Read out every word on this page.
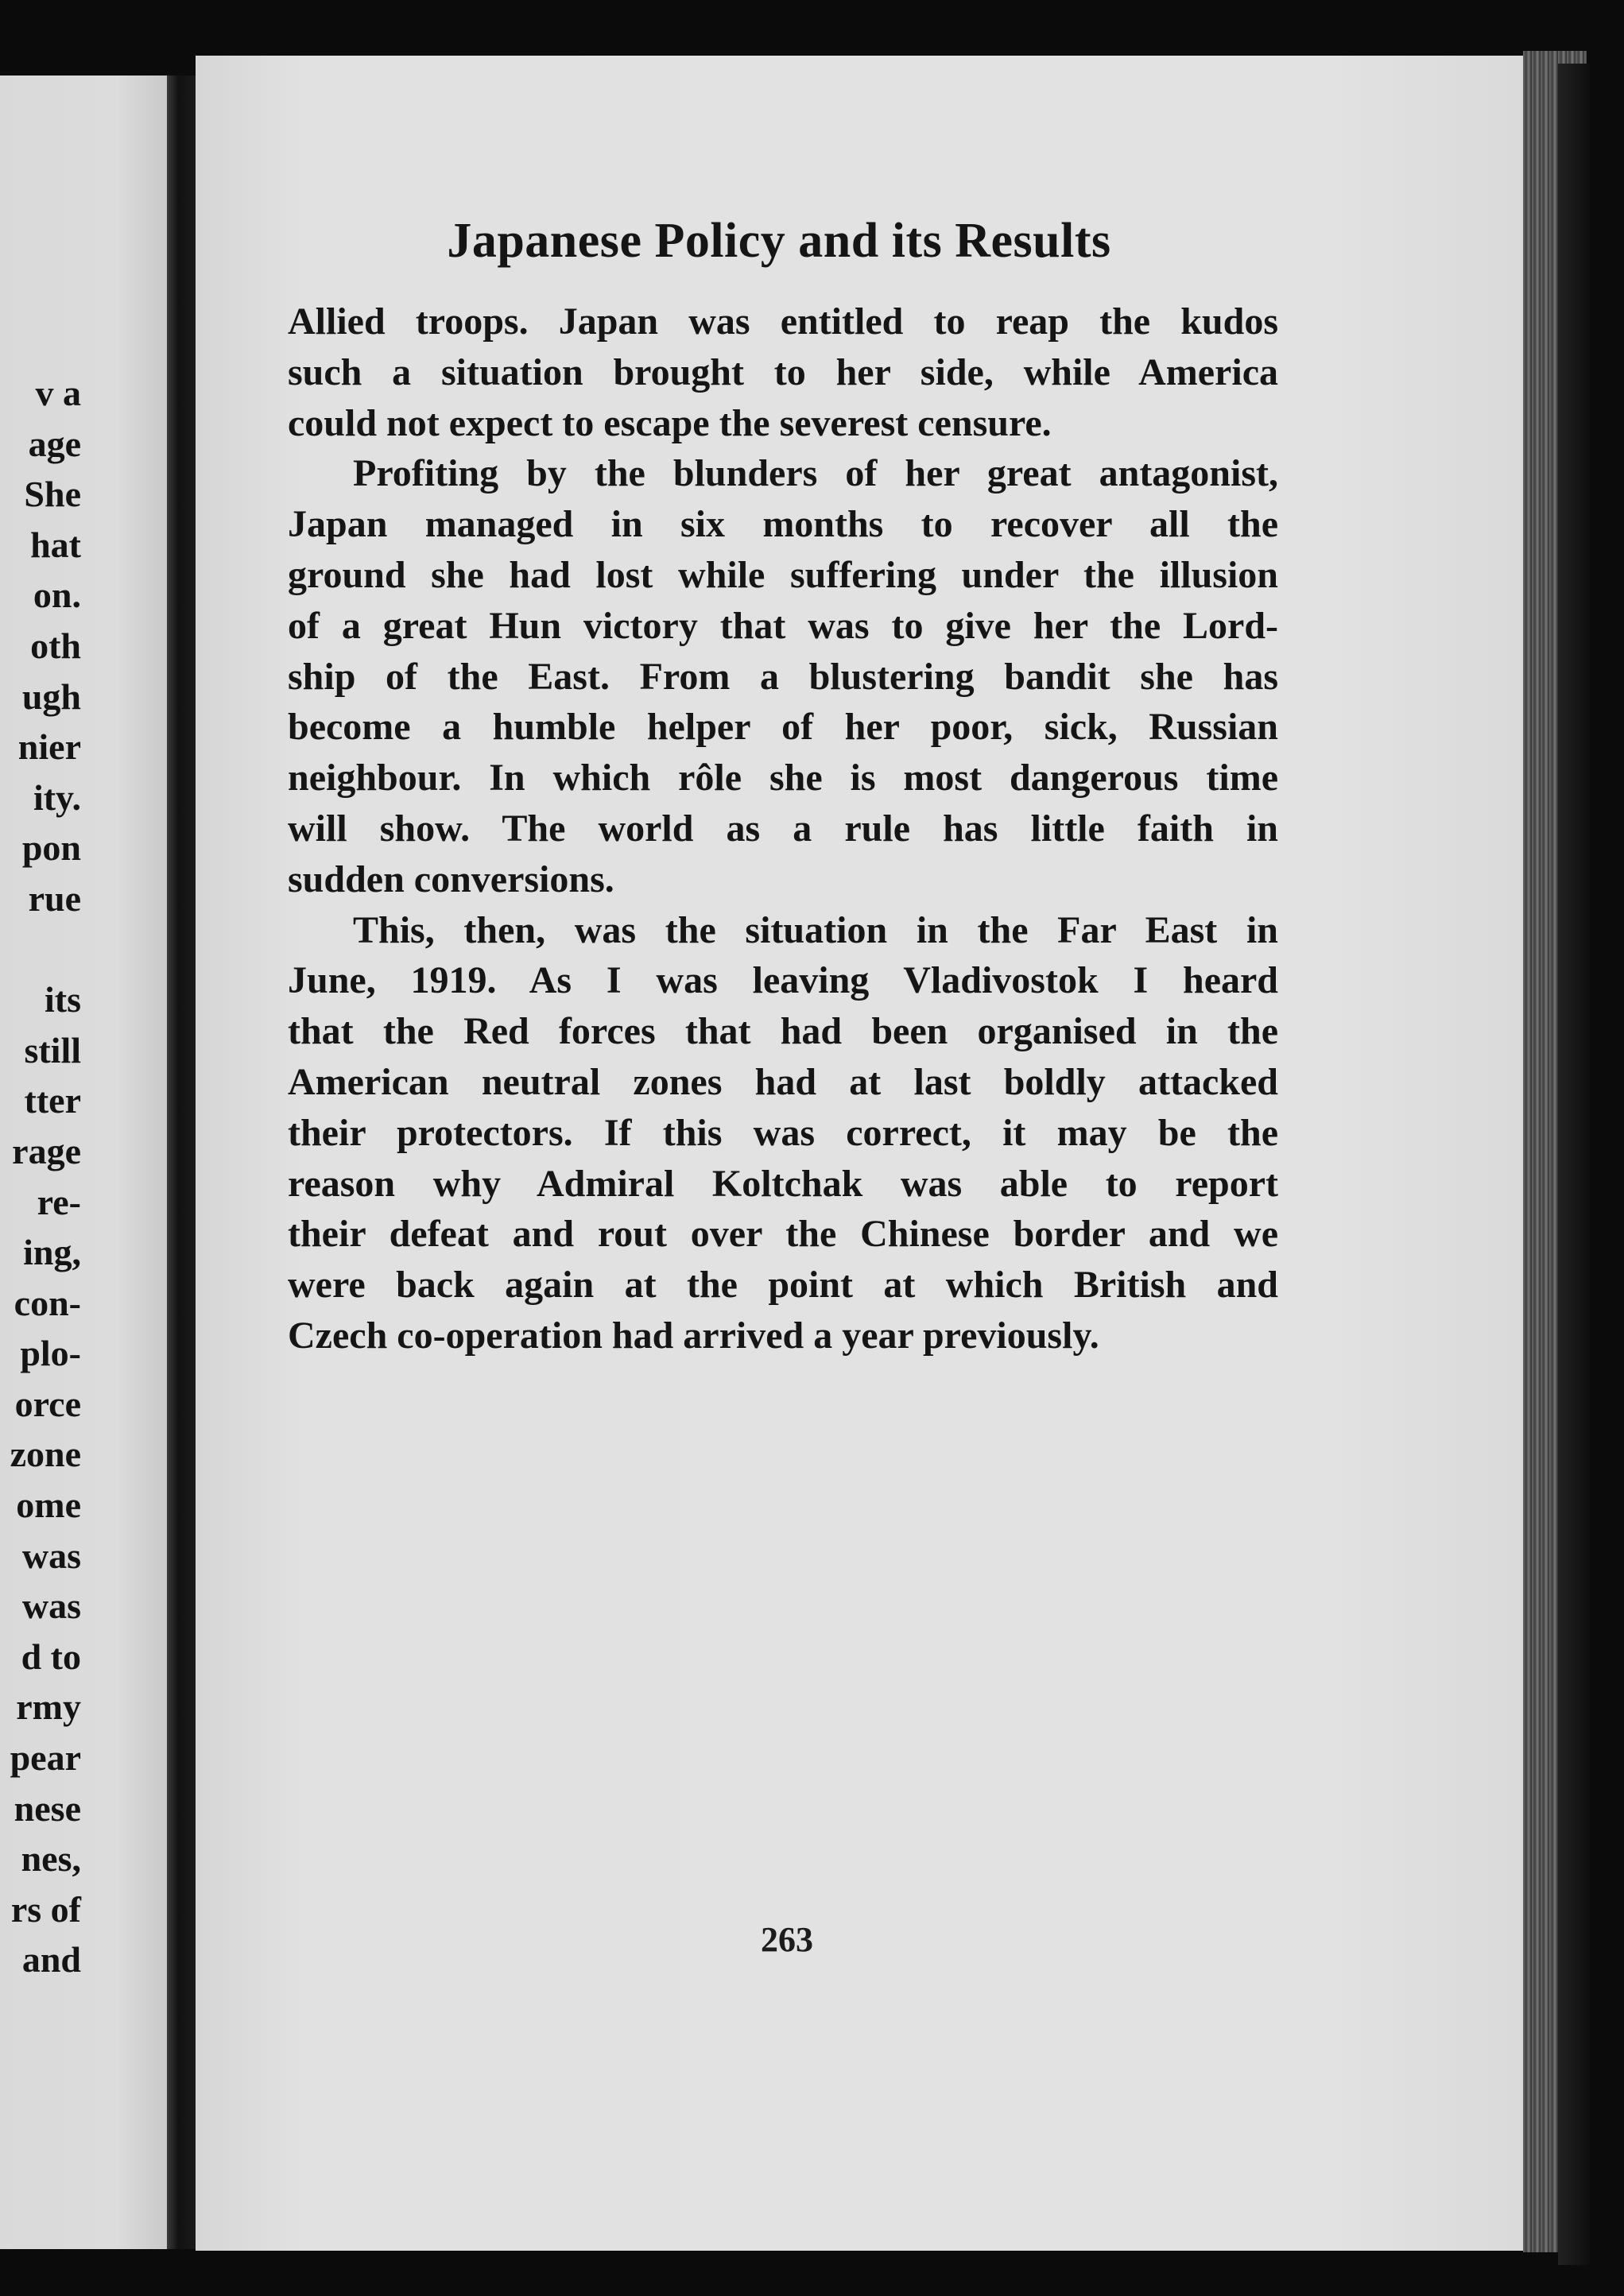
v a
age
She
hat
on.
oth
ugh
nier
ity.
pon
rue

its
still
tter
rage
re-
ing,
con-
plo-
orce
zone
ome
was
was
d to
rmy
pear
nese
nes,
rs of
and
Japanese Policy and its Results
Allied troops. Japan was entitled to reap the kudos
such a situation brought to her side, while America
could not expect to escape the severest censure.
Profiting by the blunders of her great antagonist,
Japan managed in six months to recover all the
ground she had lost while suffering under the illusion
of a great Hun victory that was to give her the Lord-
ship of the East. From a blustering bandit she has
become a humble helper of her poor, sick, Russian
neighbour. In which rôle she is most dangerous time
will show. The world as a rule has little faith in
sudden conversions.
This, then, was the situation in the Far East in
June, 1919. As I was leaving Vladivostok I heard
that the Red forces that had been organised in the
American neutral zones had at last boldly attacked
their protectors. If this was correct, it may be the
reason why Admiral Koltchak was able to report
their defeat and rout over the Chinese border and we
were back again at the point at which British and
Czech co-operation had arrived a year previously.
263
